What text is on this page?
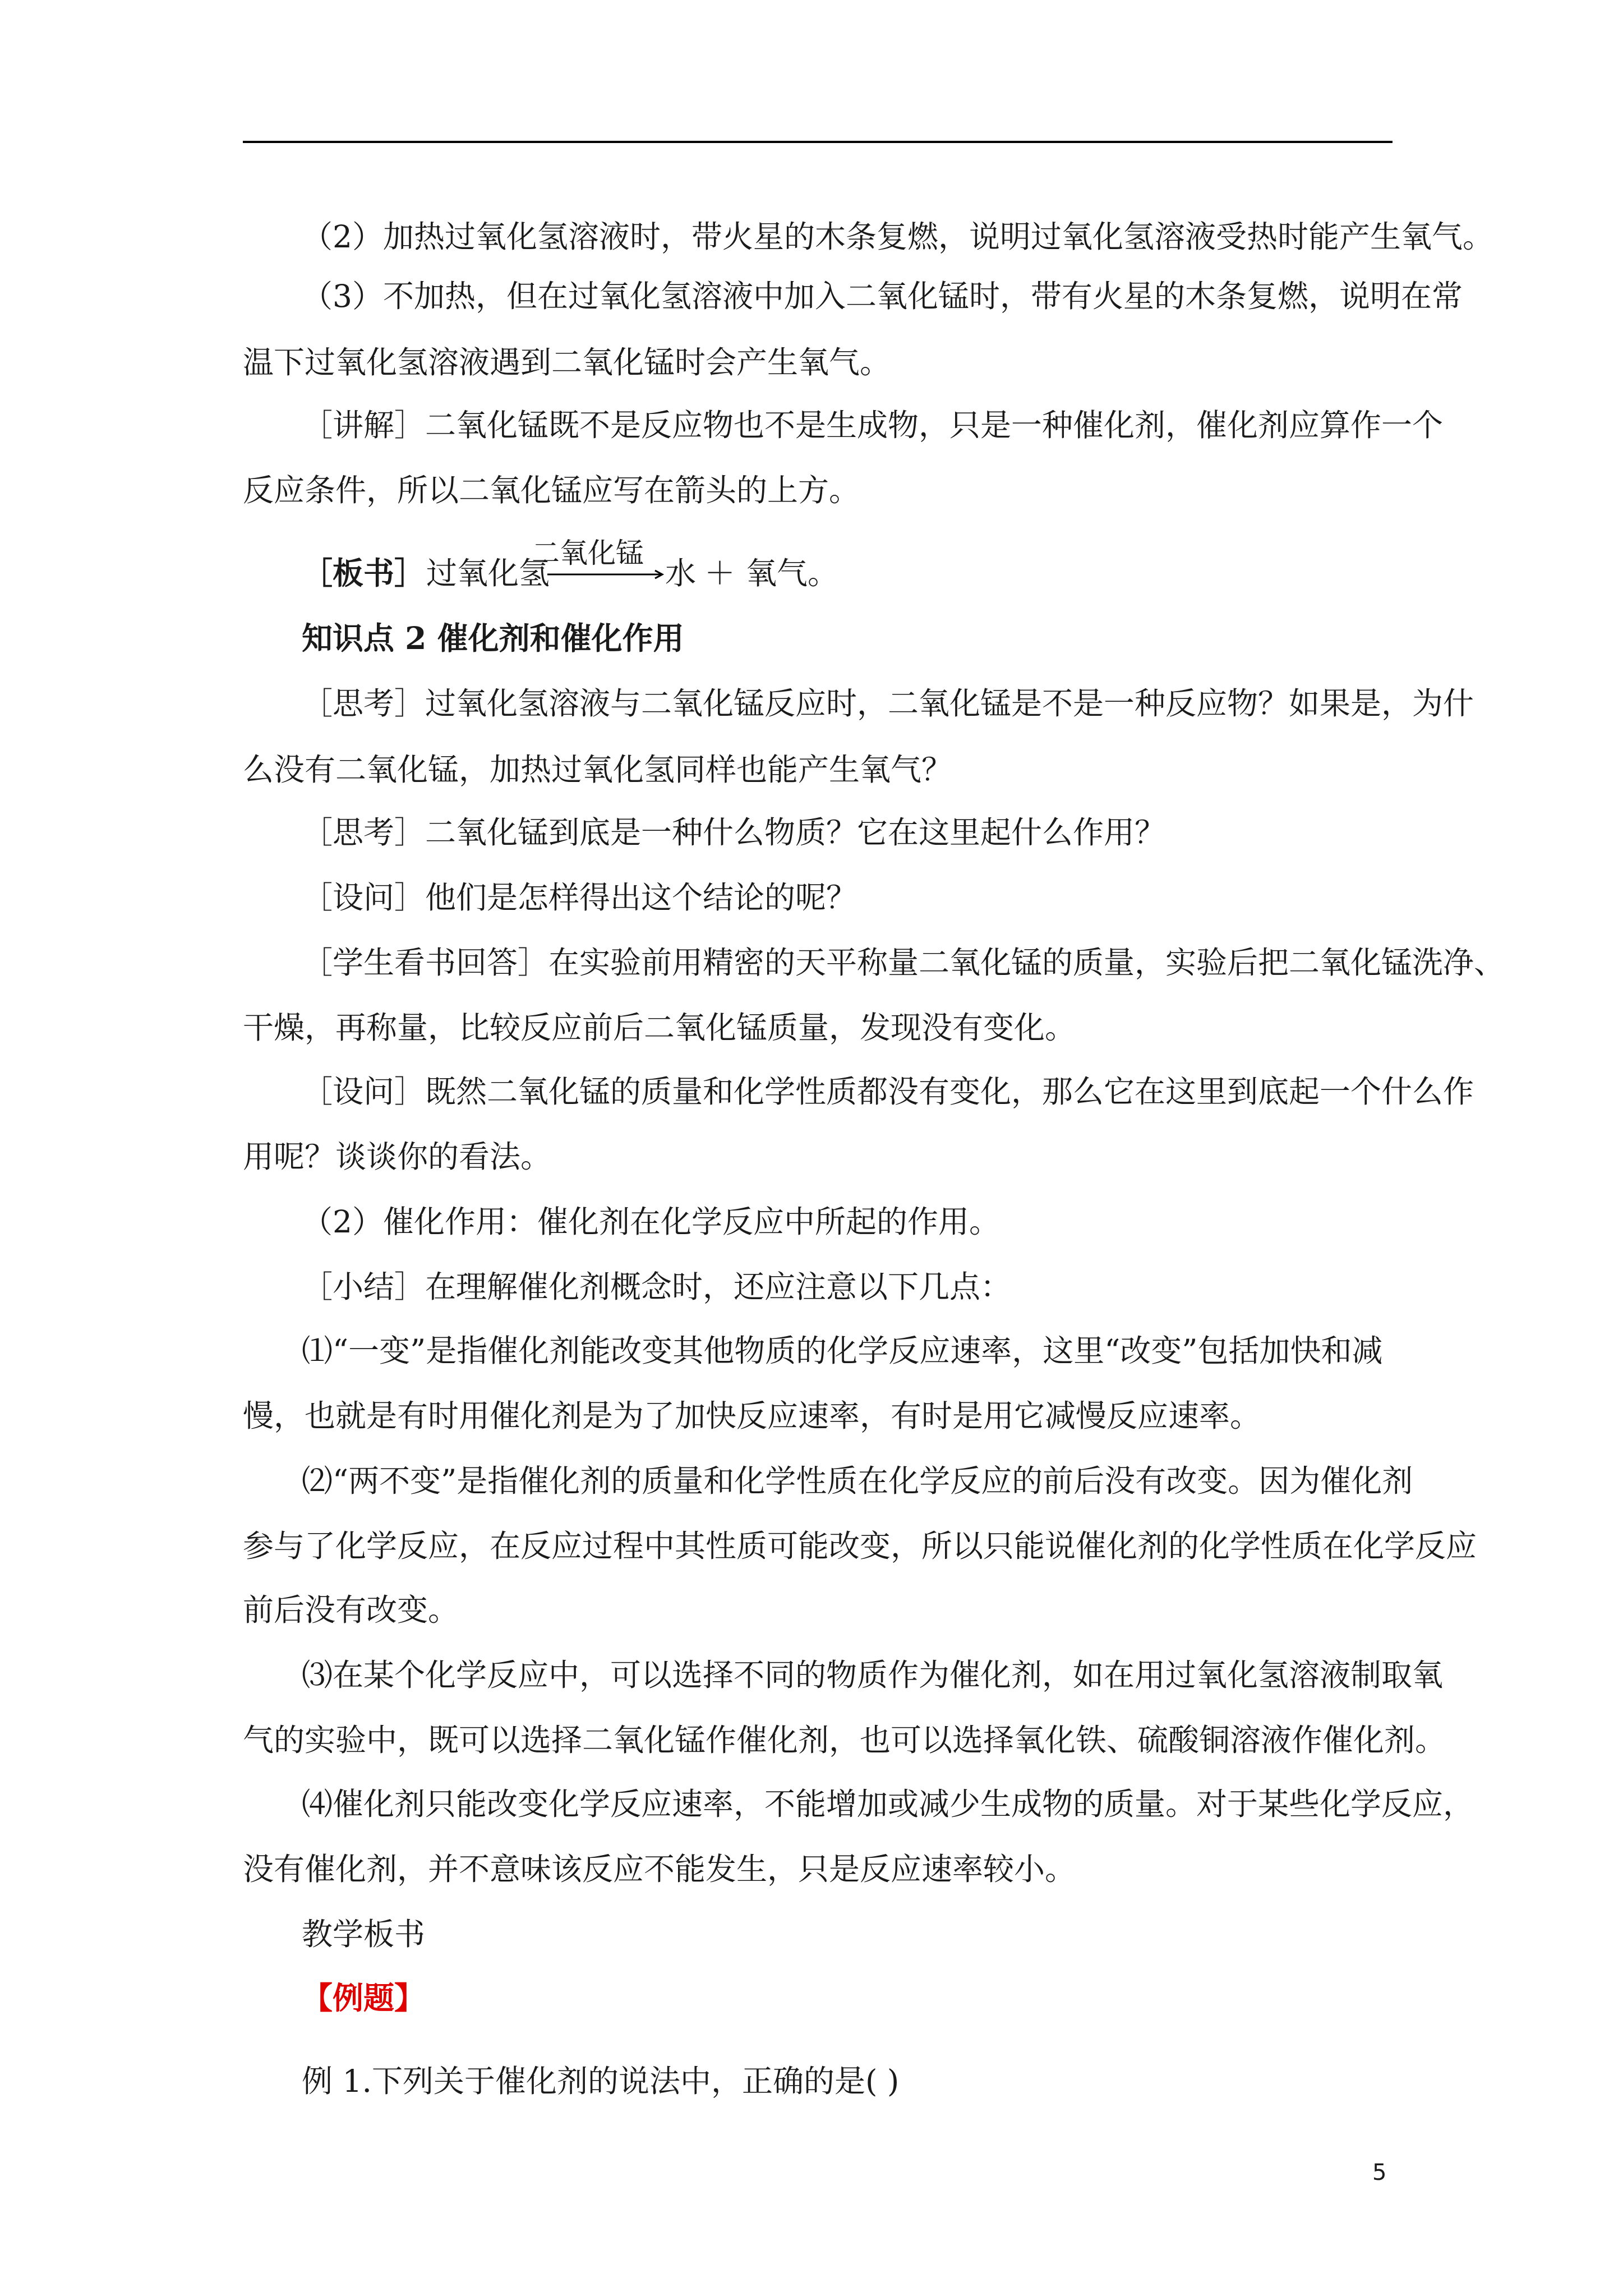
（2）加热过氧化氢溶液时，带火星的木条复燃，说明过氧化氢溶液受热时能产生氧气。

（3）不加热，但在过氧化氢溶液中加入二氧化锰时，带有火星的木条复燃，说明在常

温下过氧化氢溶液遇到二氧化锰时会产生氧气。

［讲解］二氧化锰既不是反应物也不是生成物，只是一种催化剂，催化剂应算作一个

反应条件，所以二氧化锰应写在箭头的上方。

［板书］ 过氧化氢
二氧化锰
水 ＋ 氧气。

知识点 2 催化剂和催化作用

［思考］过氧化氢溶液与二氧化锰反应时，二氧化锰是不是一种反应物？如果是，为什

么没有二氧化锰，加热过氧化氢同样也能产生氧气？

［思考］二氧化锰到底是一种什么物质？它在这里起什么作用？

［设问］他们是怎样得出这个结论的呢？

［学生看书回答］在实验前用精密的天平称量二氧化锰的质量，实验后把二氧化锰洗净、

干燥，再称量，比较反应前后二氧化锰质量，发现没有变化。

［设问］既然二氧化锰的质量和化学性质都没有变化，那么它在这里到底起一个什么作

用呢？谈谈你的看法。

（2）催化作用：催化剂在化学反应中所起的作用。

［小结］在理解催化剂概念时，还应注意以下几点：

⑴“一变”是指催化剂能改变其他物质的化学反应速率，这里“改变”包括加快和减

慢，也就是有时用催化剂是为了加快反应速率，有时是用它减慢反应速率。

⑵“两不变”是指催化剂的质量和化学性质在化学反应的前后没有改变。因为催化剂

参与了化学反应，在反应过程中其性质可能改变，所以只能说催化剂的化学性质在化学反应

前后没有改变。

⑶在某个化学反应中，可以选择不同的物质作为催化剂，如在用过氧化氢溶液制取氧

气的实验中，既可以选择二氧化锰作催化剂，也可以选择氧化铁、硫酸铜溶液作催化剂。

⑷催化剂只能改变化学反应速率，不能增加或减少生成物的质量。对于某些化学反应，

没有催化剂，并不意味该反应不能发生，只是反应速率较小。

教学板书

【例题】

例 1.下列关于催化剂的说法中，正确的是( )

5
